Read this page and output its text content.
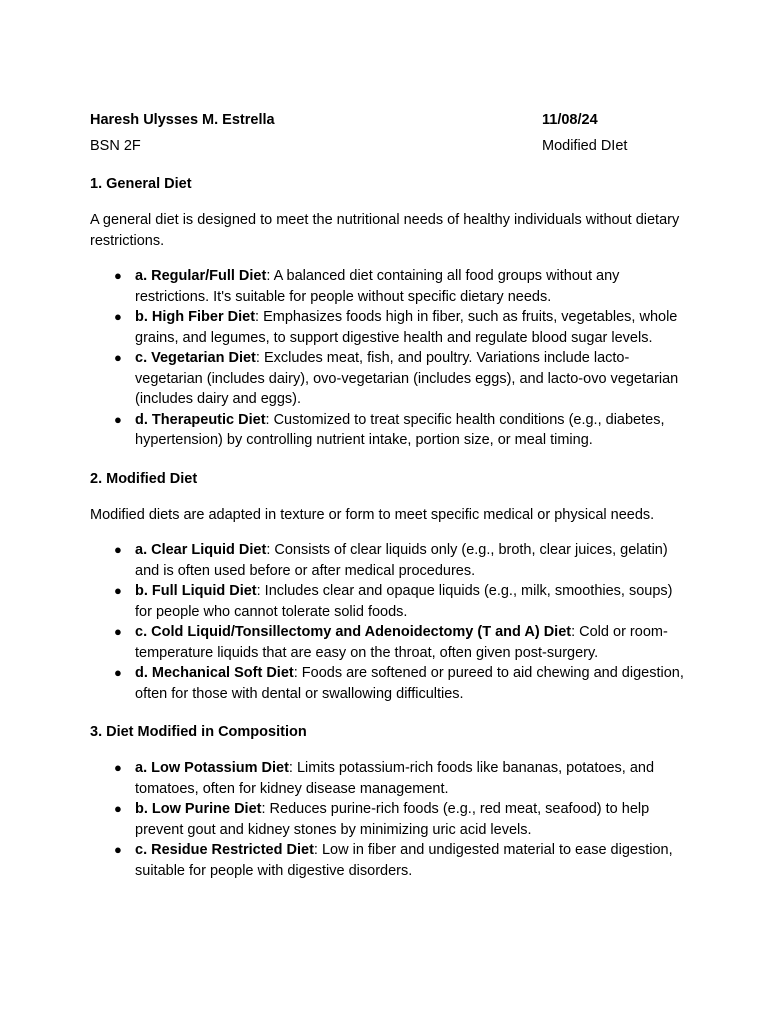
Haresh Ulysses M. Estrella	11/08/24
BSN 2F	Modified DIet
1. General Diet
A general diet is designed to meet the nutritional needs of healthy individuals without dietary restrictions.
● a. Regular/Full Diet: A balanced diet containing all food groups without any restrictions. It's suitable for people without specific dietary needs.
● b. High Fiber Diet: Emphasizes foods high in fiber, such as fruits, vegetables, whole grains, and legumes, to support digestive health and regulate blood sugar levels.
● c. Vegetarian Diet: Excludes meat, fish, and poultry. Variations include lacto-vegetarian (includes dairy), ovo-vegetarian (includes eggs), and lacto-ovo vegetarian (includes dairy and eggs).
● d. Therapeutic Diet: Customized to treat specific health conditions (e.g., diabetes, hypertension) by controlling nutrient intake, portion size, or meal timing.
2. Modified Diet
Modified diets are adapted in texture or form to meet specific medical or physical needs.
● a. Clear Liquid Diet: Consists of clear liquids only (e.g., broth, clear juices, gelatin) and is often used before or after medical procedures.
● b. Full Liquid Diet: Includes clear and opaque liquids (e.g., milk, smoothies, soups) for people who cannot tolerate solid foods.
● c. Cold Liquid/Tonsillectomy and Adenoidectomy (T and A) Diet: Cold or room-temperature liquids that are easy on the throat, often given post-surgery.
● d. Mechanical Soft Diet: Foods are softened or pureed to aid chewing and digestion, often for those with dental or swallowing difficulties.
3. Diet Modified in Composition
● a. Low Potassium Diet: Limits potassium-rich foods like bananas, potatoes, and tomatoes, often for kidney disease management.
● b. Low Purine Diet: Reduces purine-rich foods (e.g., red meat, seafood) to help prevent gout and kidney stones by minimizing uric acid levels.
● c. Residue Restricted Diet: Low in fiber and undigested material to ease digestion, suitable for people with digestive disorders.
